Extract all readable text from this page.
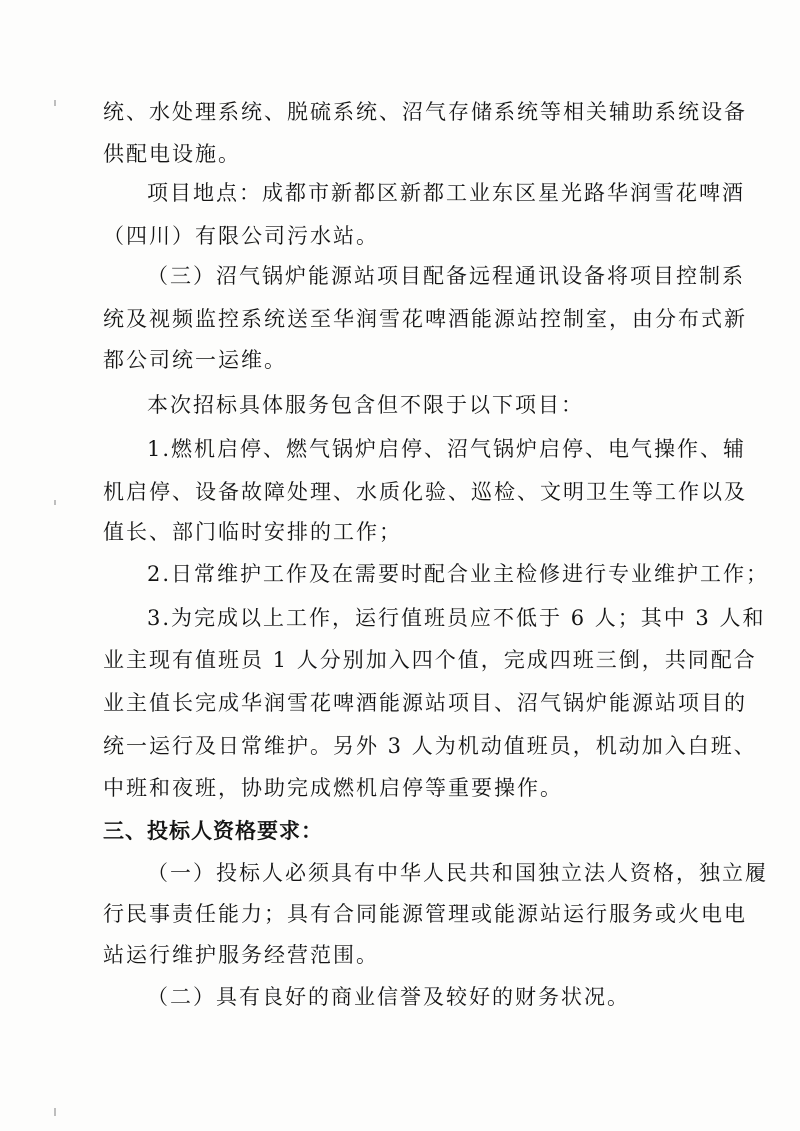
统、水处理系统、脱硫系统、沼气存储系统等相关辅助系统设备
供配电设施。
项目地点：成都市新都区新都工业东区星光路华润雪花啤酒
（四川）有限公司污水站。
（三）沼气锅炉能源站项目配备远程通讯设备将项目控制系
统及视频监控系统送至华润雪花啤酒能源站控制室，由分布式新
都公司统一运维。
本次招标具体服务包含但不限于以下项目：
1.燃机启停、燃气锅炉启停、沼气锅炉启停、电气操作、辅
机启停、设备故障处理、水质化验、巡检、文明卫生等工作以及
值长、部门临时安排的工作；
2.日常维护工作及在需要时配合业主检修进行专业维护工作；
3.为完成以上工作，运行值班员应不低于 6 人；其中 3 人和
业主现有值班员 1 人分别加入四个值，完成四班三倒，共同配合
业主值长完成华润雪花啤酒能源站项目、沼气锅炉能源站项目的
统一运行及日常维护。另外 3 人为机动值班员，机动加入白班、
中班和夜班，协助完成燃机启停等重要操作。
三、投标人资格要求：
（一）投标人必须具有中华人民共和国独立法人资格，独立履
行民事责任能力；具有合同能源管理或能源站运行服务或火电电
站运行维护服务经营范围。
（二）具有良好的商业信誉及较好的财务状况。
